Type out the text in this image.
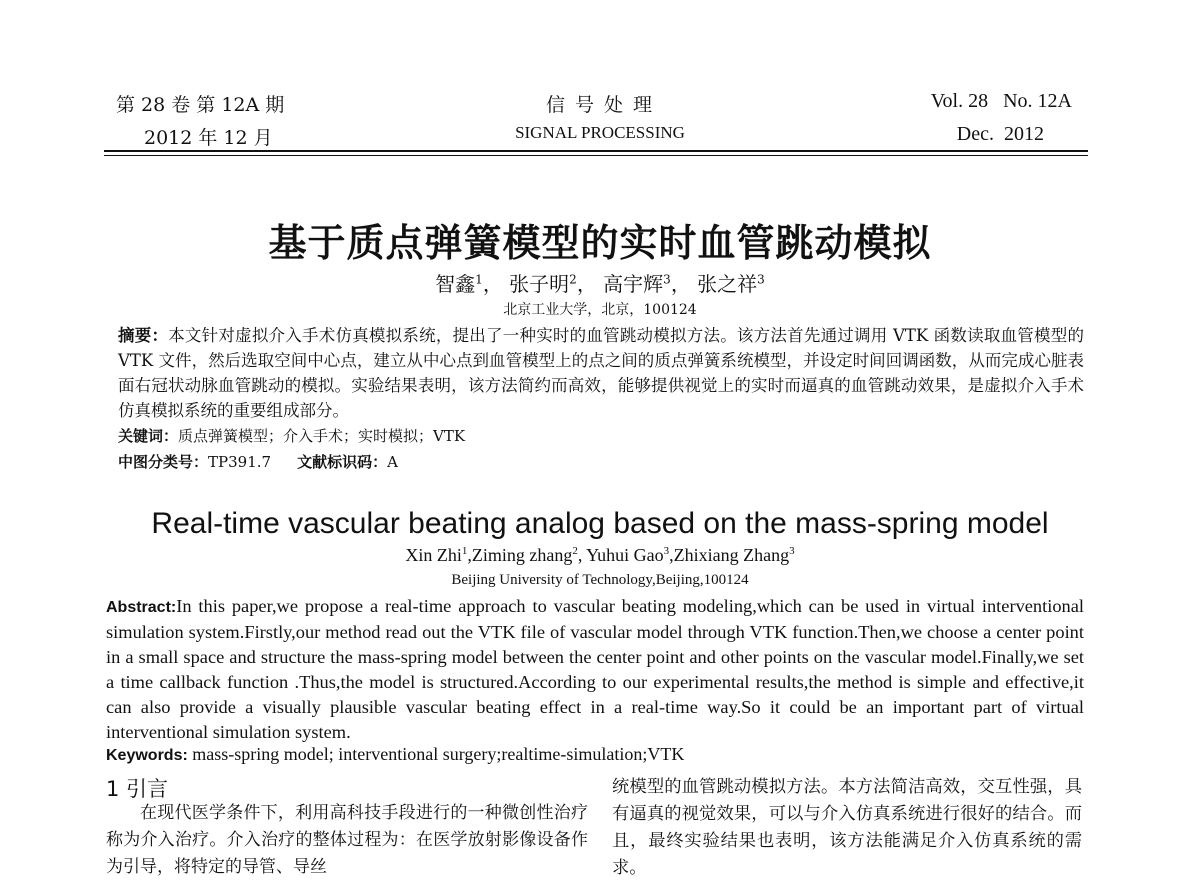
第 28 卷 第 12A 期
2012 年 12 月
信 号 处 理
SIGNAL PROCESSING
Vol. 28   No. 12A
Dec.  2012
基于质点弹簧模型的实时血管跳动模拟
智鑫$^1$， 张子明$^2$， 高宇辉$^3$， 张之祥$^3$
北京工业大学，北京，100124
摘要：本文针对虚拟介入手术仿真模拟系统，提出了一种实时的血管跳动模拟方法。该方法首先通过调用 VTK 函数读取血管模型的 VTK 文件，然后选取空间中心点，建立从中心点到血管模型上的点之间的质点弹簧系统模型，并设定时间回调函数，从而完成心脏表面右冠状动脉血管跳动的模拟。实验结果表明，该方法简约而高效，能够提供视觉上的实时而逼真的血管跳动效果，是虚拟介入手术仿真模拟系统的重要组成部分。
关键词：质点弹簧模型；介入手术；实时模拟；VTK
中图分类号：TP391.7 文献标识码：A
Real-time vascular beating analog based on the mass-spring model
Xin Zhi$^1$,Ziming zhang$^2$, Yuhui Gao$^3$,Zhixiang Zhang$^3$
Beijing University of Technology,Beijing,100124
Abstract:In this paper,we propose a real-time approach to vascular beating modeling,which can be used in virtual interventional simulation system.Firstly,our method read out the VTK file of vascular model through VTK function.Then,we choose a center point in a small space and structure the mass-spring model between the center point and other points on the vascular model.Finally,we set a time callback function .Thus,the model is structured.According to our experimental results,the method is simple and effective,it can also provide a visually plausible vascular beating effect in a real-time way.So it could be an important part of virtual interventional simulation system.
Keywords: mass-spring model; interventional surgery;realtime-simulation;VTK
1 引言
在现代医学条件下，利用高科技手段进行的一种微创性治疗称为介入治疗。介入治疗的整体过程为：在医学放射影像设备作为引导，将特定的导管、导丝
统模型的血管跳动模拟方法。本方法简洁高效，交互性强，具有逼真的视觉效果，可以与介入仿真系统进行很好的结合。而且，最终实验结果也表明，该方法能满足介入仿真系统的需求。
